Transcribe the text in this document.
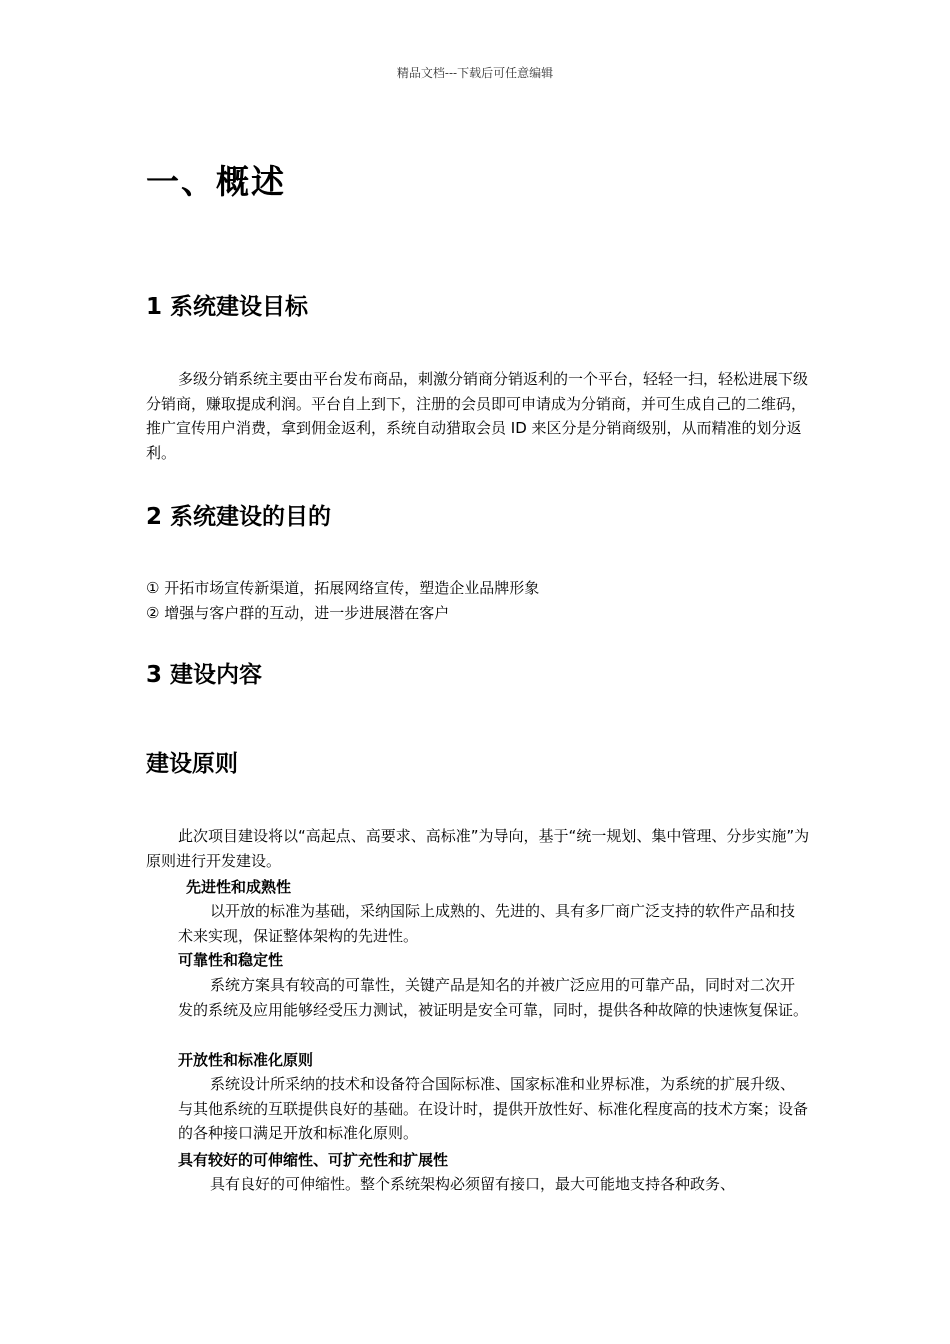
精品文档---下载后可任意编辑
一、概述
1 系统建设目标
多级分销系统主要由平台发布商品，刺激分销商分销返利的一个平台，轻轻一扫，轻松进展下级分销商，赚取提成利润。平台自上到下，注册的会员即可申请成为分销商，并可生成自己的二维码，推广宣传用户消费，拿到佣金返利，系统自动猎取会员 ID 来区分是分销商级别，从而精准的划分返利。
2 系统建设的目的
① 开拓市场宣传新渠道，拓展网络宣传，塑造企业品牌形象
② 增强与客户群的互动，进一步进展潜在客户
3 建设内容
建设原则
此次项目建设将以“高起点、高要求、高标准”为导向，基于“统一规划、集中管理、分步实施”为原则进行开发建设。
先进性和成熟性
以开放的标准为基础，采纳国际上成熟的、先进的、具有多厂商广泛支持的软件产品和技术来实现，保证整体架构的先进性。
可靠性和稳定性
系统方案具有较高的可靠性，关键产品是知名的并被广泛应用的可靠产品，同时对二次开发的系统及应用能够经受压力测试，被证明是安全可靠，同时，提供各种故障的快速恢复保证。
开放性和标准化原则
系统设计所采纳的技术和设备符合国际标准、国家标准和业界标准，为系统的扩展升级、与其他系统的互联提供良好的基础。在设计时，提供开放性好、标准化程度高的技术方案；设备的各种接口满足开放和标准化原则。
具有较好的可伸缩性、可扩充性和扩展性
具有良好的可伸缩性。整个系统架构必须留有接口，最大可能地支持各种政务、
